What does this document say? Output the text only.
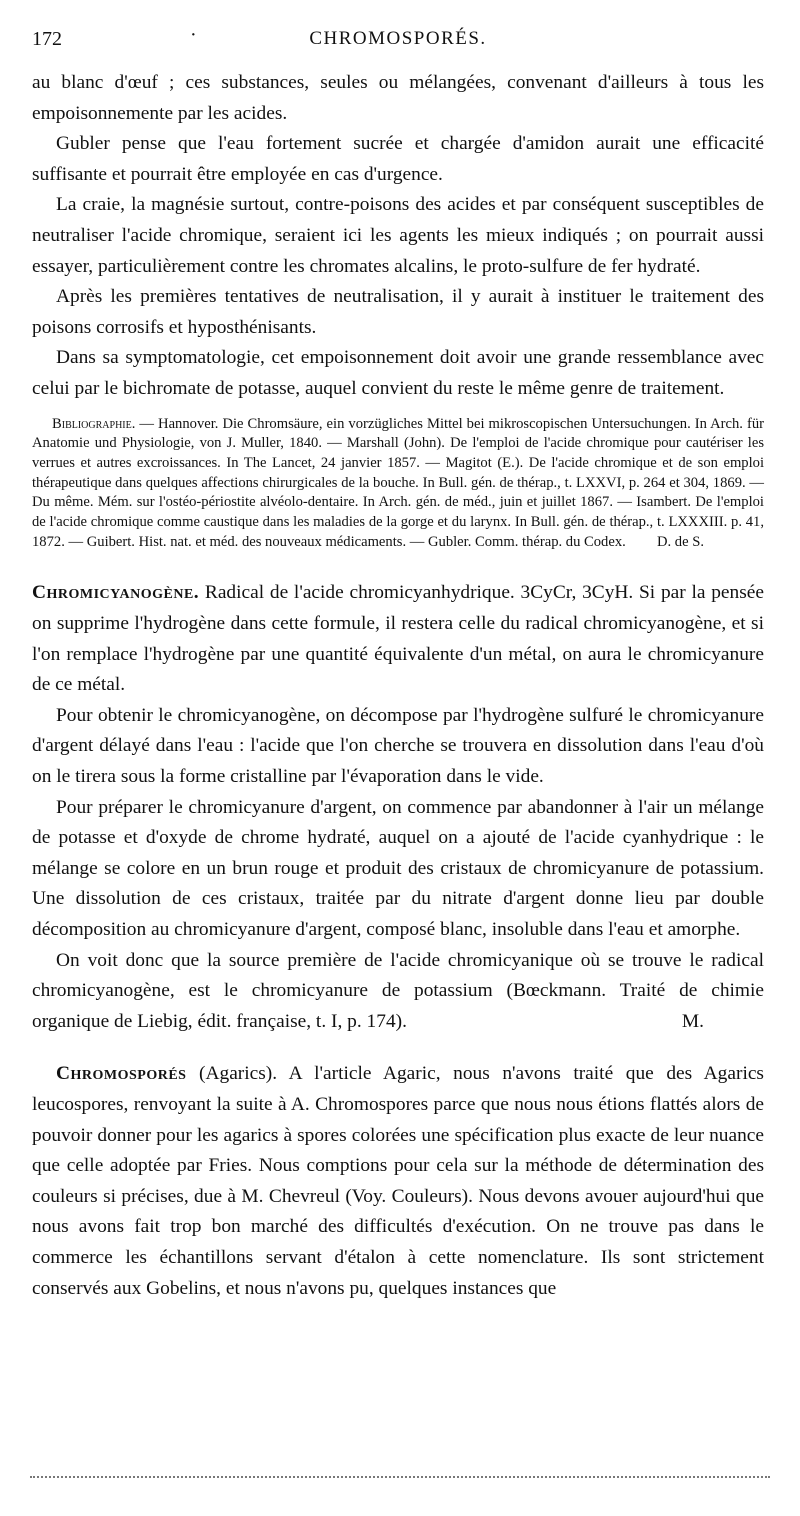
172	·	CHROMOSPORÉS.

au blanc d'œuf ; ces substances, seules ou mélangées, convenant d'ailleurs à tous les empoisonnemente par les acides.

Gubler pense que l'eau fortement sucrée et chargée d'amidon aurait une efficacité suffisante et pourrait être employée en cas d'urgence.

La craie, la magnésie surtout, contre-poisons des acides et par conséquent susceptibles de neutraliser l'acide chromique, seraient ici les agents les mieux indiqués ; on pourrait aussi essayer, particulièrement contre les chromates alcalins, le proto-sulfure de fer hydraté.

Après les premières tentatives de neutralisation, il y aurait à instituer le traitement des poisons corrosifs et hyposthénisants.

Dans sa symptomatologie, cet empoisonnement doit avoir une grande ressemblance avec celui par le bichromate de potasse, auquel convient du reste le même genre de traitement.

Bibliographie. — Hannover. Die Chromsäure, ein vorzügliches Mittel bei mikroscopischen Untersuchungen. In Arch. für Anatomie und Physiologie, von J. Muller, 1840. — Marshall (John). De l'emploi de l'acide chromique pour cautériser les verrues et autres excroissances. In The Lancet, 24 janvier 1857. — Magitot (E.). De l'acide chromique et de son emploi thérapeutique dans quelques affections chirurgicales de la bouche. In Bull. gén. de thérap., t. LXXVI, p. 264 et 304, 1869. — Du même. Mém. sur l'ostéo-périostite alvéolo-dentaire. In Arch. gén. de méd., juin et juillet 1867. — Isambert. De l'emploi de l'acide chromique comme caustique dans les maladies de la gorge et du larynx. In Bull. gén. de thérap., t. LXXXIII. p. 41, 1872. — Guibert. Hist. nat. et méd. des nouveaux médicaments. — Gubler. Comm. thérap. du Codex.	D. de S.

Chromicyanogène. Radical de l'acide chromicyanhydrique. 3CyCr, 3CyH. Si par la pensée on supprime l'hydrogène dans cette formule, il restera celle du radical chromicyanogène, et si l'on remplace l'hydrogène par une quantité équivalente d'un métal, on aura le chromicyanure de ce métal.

Pour obtenir le chromicyanogène, on décompose par l'hydrogène sulfuré le chromicyanure d'argent délayé dans l'eau : l'acide que l'on cherche se trouvera en dissolution dans l'eau d'où on le tirera sous la forme cristalline par l'évaporation dans le vide.

Pour préparer le chromicyanure d'argent, on commence par abandonner à l'air un mélange de potasse et d'oxyde de chrome hydraté, auquel on a ajouté de l'acide cyanhydrique : le mélange se colore en un brun rouge et produit des cristaux de chromicyanure de potassium. Une dissolution de ces cristaux, traitée par du nitrate d'argent donne lieu par double décomposition au chromicyanure d'argent, composé blanc, insoluble dans l'eau et amorphe.

On voit donc que la source première de l'acide chromicyanique où se trouve le radical chromicyanogène, est le chromicyanure de potassium (Bœckmann. Traité de chimie organique de Liebig, édit. française, t. I, p. 174).	M.

Chromosporés (Agarics). A l'article Agaric, nous n'avons traité que des Agarics leucospores, renvoyant la suite à A. Chromospores parce que nous nous étions flattés alors de pouvoir donner pour les agarics à spores colorées une spécification plus exacte de leur nuance que celle adoptée par Fries. Nous comptions pour cela sur la méthode de détermination des couleurs si précises, due à M. Chevreul (Voy. Couleurs). Nous devons avouer aujourd'hui que nous avons fait trop bon marché des difficultés d'exécution. On ne trouve pas dans le commerce les échantillons servant d'étalon à cette nomenclature. Ils sont strictement conservés aux Gobelins, et nous n'avons pu, quelques instances que
